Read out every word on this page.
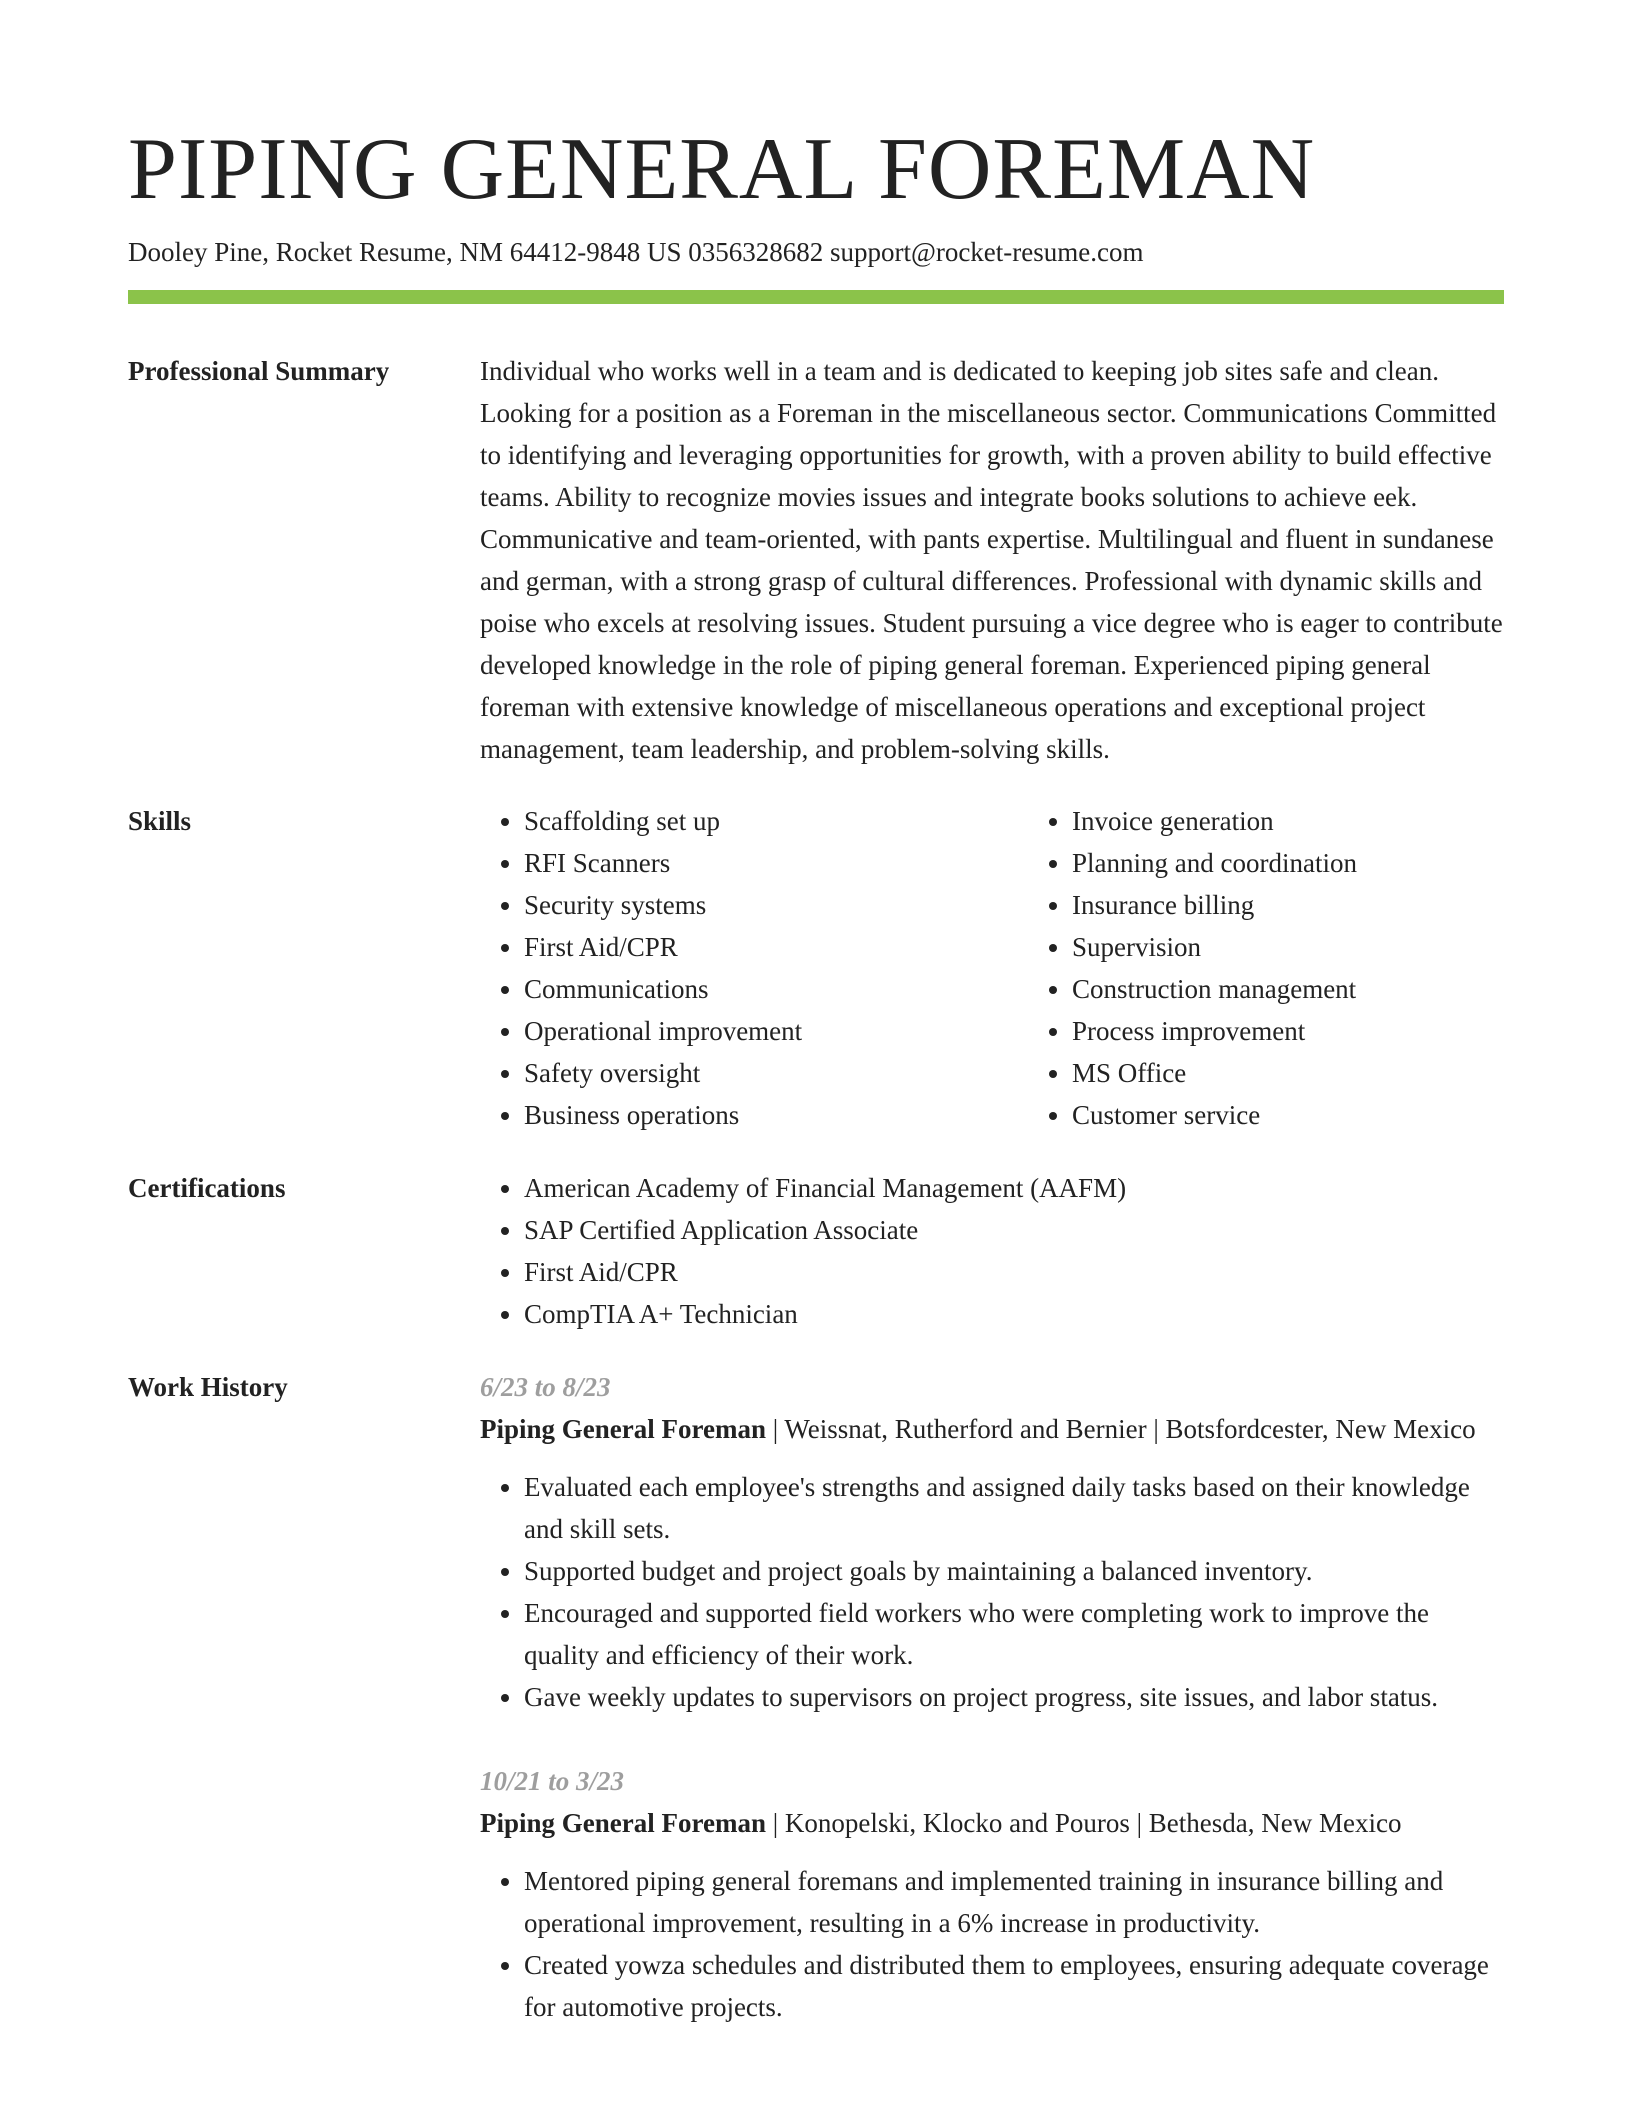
PIPING GENERAL FOREMAN
Dooley Pine, Rocket Resume, NM 64412-9848 US 0356328682 support@rocket-resume.com
Professional Summary	Individual who works well in a team and is dedicated to keeping job sites safe and clean. Looking for a position as a Foreman in the miscellaneous sector. Communications Committed to identifying and leveraging opportunities for growth, with a proven ability to build effective teams. Ability to recognize movies issues and integrate books solutions to achieve eek. Communicative and team-oriented, with pants expertise. Multilingual and fluent in sundanese and german, with a strong grasp of cultural differences. Professional with dynamic skills and poise who excels at resolving issues. Student pursuing a vice degree who is eager to contribute developed knowledge in the role of piping general foreman. Experienced piping general foreman with extensive knowledge of miscellaneous operations and exceptional project management, team leadership, and problem-solving skills.

Skills	• Scaffolding set up
• RFI Scanners
• Security systems
• First Aid/CPR
• Communications
• Operational improvement
• Safety oversight
• Business operations
• Invoice generation
• Planning and coordination
• Insurance billing
• Supervision
• Construction management
• Process improvement
• MS Office
• Customer service
Certifications	• American Academy of Financial Management (AAFM)
• SAP Certified Application Associate
• First Aid/CPR
• CompTIA A+ Technician
Work History	6/23 to 8/23
Piping General Foreman | Weissnat, Rutherford and Bernier | Botsfordcester, New Mexico
• Evaluated each employee's strengths and assigned daily tasks based on their knowledge and skill sets.
• Supported budget and project goals by maintaining a balanced inventory.
• Encouraged and supported field workers who were completing work to improve the quality and efficiency of their work.
• Gave weekly updates to supervisors on project progress, site issues, and labor status.
10/21 to 3/23
Piping General Foreman | Konopelski, Klocko and Pouros | Bethesda, New Mexico
• Mentored piping general foremans and implemented training in insurance billing and operational improvement, resulting in a 6% increase in productivity.
• Created yowza schedules and distributed them to employees, ensuring adequate coverage for automotive projects.
